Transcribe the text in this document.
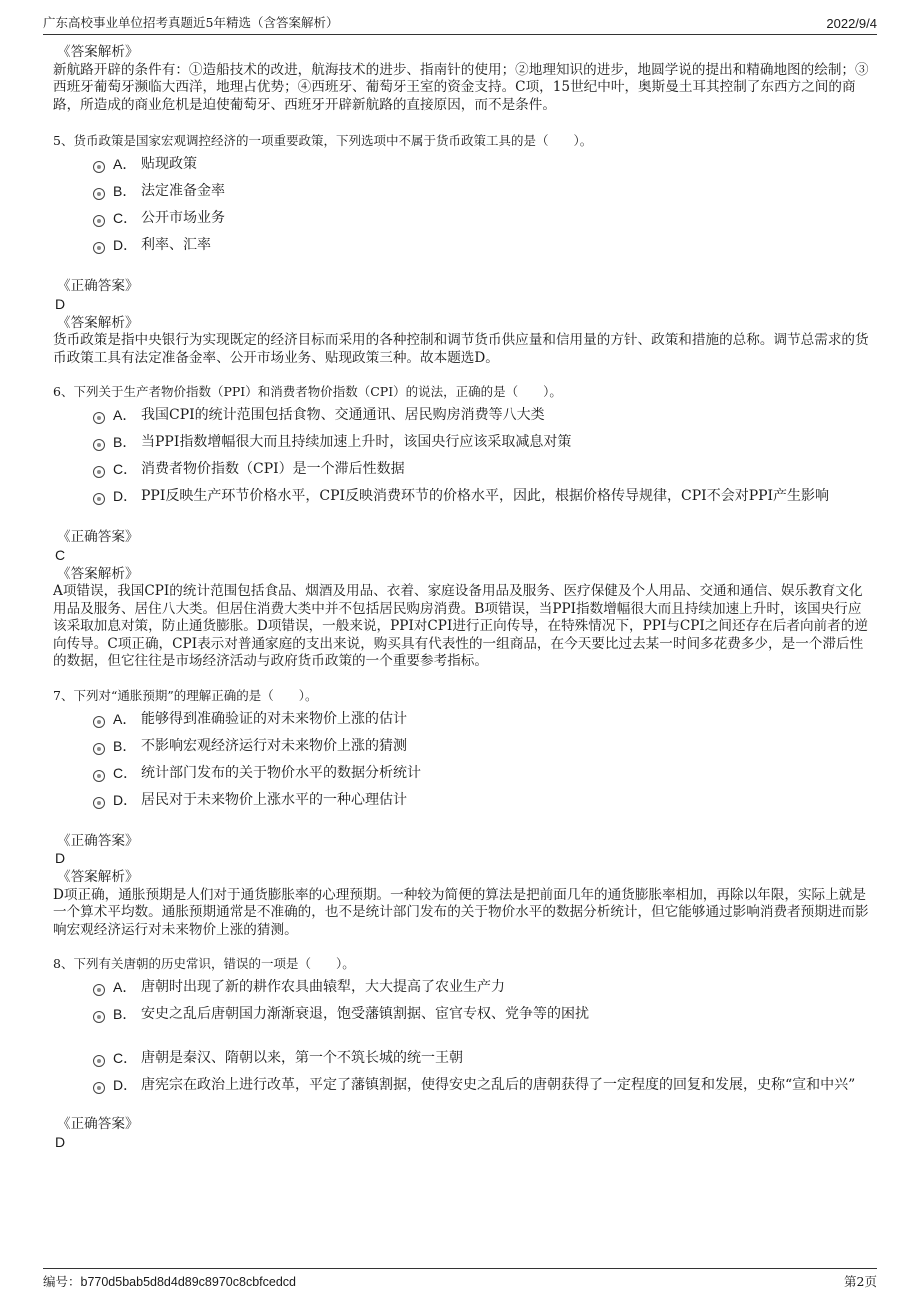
广东高校事业单位招考真题近5年精选（含答案解析）	2022/9/4

《答案解析》

新航路开辟的条件有：①造船技术的改进，航海技术的进步、指南针的使用；②地理知识的进步，地圆学说的提出和精确地图的绘制；③西班牙葡萄牙濒临大西洋，地理占优势；④西班牙、葡萄牙王室的资金支持。C项，15世纪中叶，奥斯曼土耳其控制了东西方之间的商路，所造成的商业危机是迫使葡萄牙、西班牙开辟新航路的直接原因，而不是条件。

5、货币政策是国家宏观调控经济的一项重要政策，下列选项中不属于货币政策工具的是（　　）。

A． 贴现政策
B． 法定准备金率
C． 公开市场业务
D． 利率、汇率

《正确答案》

D

《答案解析》

货币政策是指中央银行为实现既定的经济目标而采用的各种控制和调节货币供应量和信用量的方针、政策和措施的总称。调节总需求的货币政策工具有法定准备金率、公开市场业务、贴现政策三种。故本题选D。

6、下列关于生产者物价指数（PPI）和消费者物价指数（CPI）的说法，正确的是（　　）。

A． 我国CPI的统计范围包括食物、交通通讯、居民购房消费等八大类
B． 当PPI指数增幅很大而且持续加速上升时，该国央行应该采取减息对策
C． 消费者物价指数（CPI）是一个滞后性数据
D． PPI反映生产环节价格水平，CPI反映消费环节的价格水平，因此，根据价格传导规律，CPI不会对PPI产生影响

《正确答案》

C

《答案解析》

A项错误，我国CPI的统计范围包括食品、烟酒及用品、衣着、家庭设备用品及服务、医疗保健及个人用品、交通和通信、娱乐教育文化用品及服务、居住八大类。但居住消费大类中并不包括居民购房消费。B项错误，当PPI指数增幅很大而且持续加速上升时，该国央行应该采取加息对策，防止通货膨胀。D项错误，一般来说，PPI对CPI进行正向传导，在特殊情况下，PPI与CPI之间还存在后者向前者的逆向传导。C项正确，CPI表示对普通家庭的支出来说，购买具有代表性的一组商品，在今天要比过去某一时间多花费多少，是一个滞后性的数据，但它往往是市场经济活动与政府货币政策的一个重要参考指标。

7、下列对“通胀预期”的理解正确的是（　　）。

A． 能够得到准确验证的对未来物价上涨的估计
B． 不影响宏观经济运行对未来物价上涨的猜测
C． 统计部门发布的关于物价水平的数据分析统计
D． 居民对于未来物价上涨水平的一种心理估计

《正确答案》

D

《答案解析》

D项正确，通胀预期是人们对于通货膨胀率的心理预期。一种较为简便的算法是把前面几年的通货膨胀率相加，再除以年限，实际上就是一个算术平均数。通胀预期通常是不准确的，也不是统计部门发布的关于物价水平的数据分析统计，但它能够通过影响消费者预期进而影响宏观经济运行对未来物价上涨的猜测。

8、下列有关唐朝的历史常识，错误的一项是（　　）。

A． 唐朝时出现了新的耕作农具曲辕犁，大大提高了农业生产力
B． 安史之乱后唐朝国力渐渐衰退，饱受藩镇割据、宦官专权、党争等的困扰
C． 唐朝是秦汉、隋朝以来，第一个不筑长城的统一王朝
D． 唐宪宗在政治上进行改革，平定了藩镇割据，使得安史之乱后的唐朝获得了一定程度的回复和发展，史称“宣和中兴”

《正确答案》

D

编号：b770d5bab5d8d4d89c8970c8cbfcedcd	第2页
